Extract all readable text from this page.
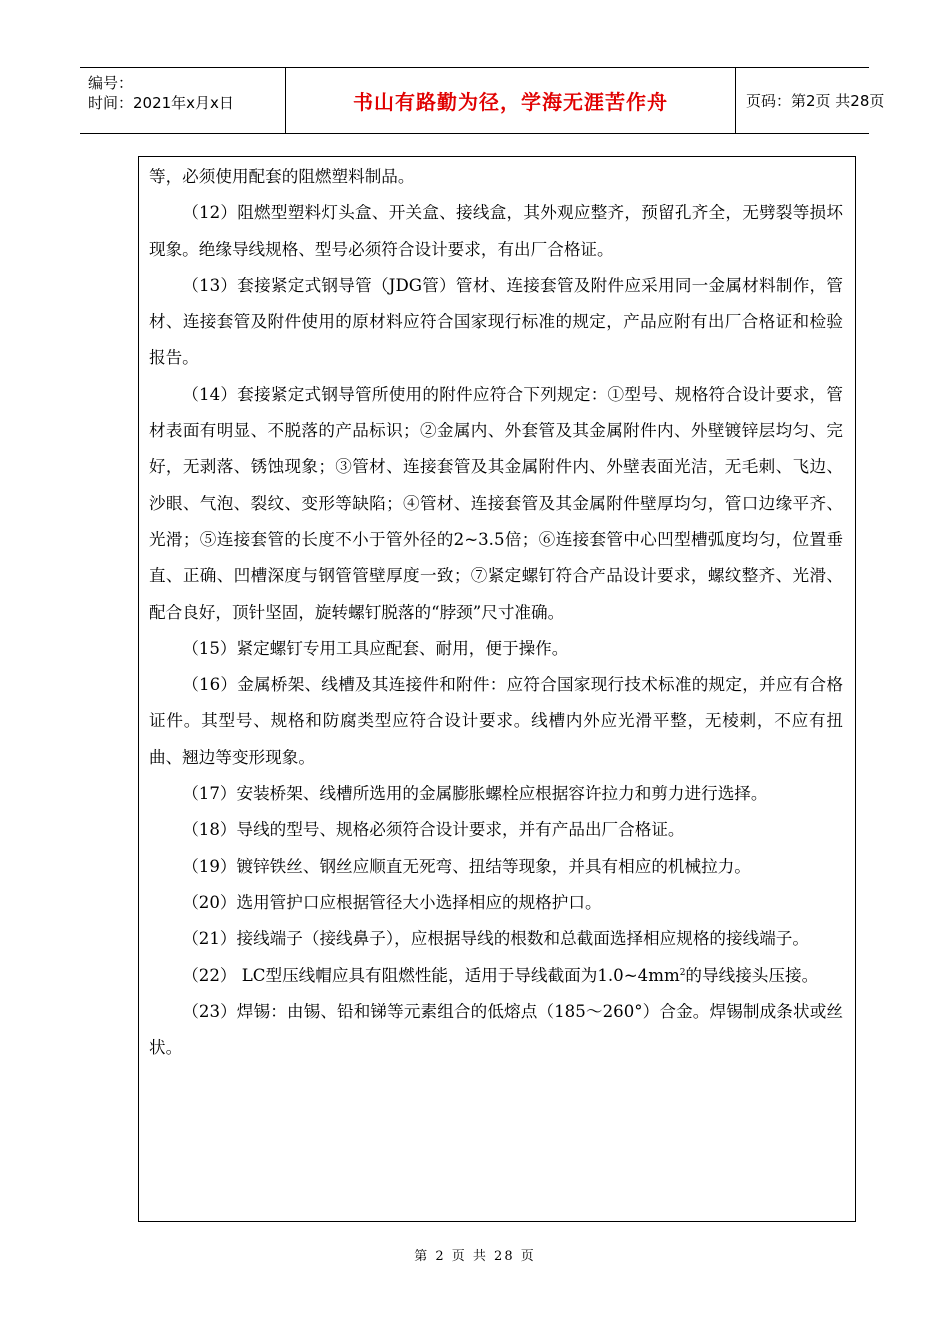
编号：
时间：2021年x月x日	书山有路勤为径，学海无涯苦作舟	页码：第2页 共28页

等，必须使用配套的阻燃塑料制品。

（12）阻燃型塑料灯头盒、开关盒、接线盒，其外观应整齐，预留孔齐全，无劈裂等损坏现象。绝缘导线规格、型号必须符合设计要求，有出厂合格证。

（13）套接紧定式钢导管（JDG管）管材、连接套管及附件应采用同一金属材料制作，管材、连接套管及附件使用的原材料应符合国家现行标准的规定，产品应附有出厂合格证和检验报告。

（14）套接紧定式钢导管所使用的附件应符合下列规定：①型号、规格符合设计要求，管材表面有明显、不脱落的产品标识；②金属内、外套管及其金属附件内、外壁镀锌层均匀、完好，无剥落、锈蚀现象；③管材、连接套管及其金属附件内、外壁表面光洁，无毛刺、飞边、沙眼、气泡、裂纹、变形等缺陷；④管材、连接套管及其金属附件壁厚均匀，管口边缘平齐、光滑；⑤连接套管的长度不小于管外径的2~3.5倍；⑥连接套管中心凹型槽弧度均匀，位置垂直、正确、凹槽深度与钢管管壁厚度一致；⑦紧定螺钉符合产品设计要求，螺纹整齐、光滑、配合良好，顶针坚固，旋转螺钉脱落的“脖颈”尺寸准确。

（15）紧定螺钉专用工具应配套、耐用，便于操作。

（16）金属桥架、线槽及其连接件和附件：应符合国家现行技术标准的规定，并应有合格证件。其型号、规格和防腐类型应符合设计要求。线槽内外应光滑平整，无棱刺，不应有扭曲、翘边等变形现象。

（17）安装桥架、线槽所选用的金属膨胀螺栓应根据容许拉力和剪力进行选择。

（18）导线的型号、规格必须符合设计要求，并有产品出厂合格证。

（19）镀锌铁丝、钢丝应顺直无死弯、扭结等现象，并具有相应的机械拉力。

（20）选用管护口应根据管径大小选择相应的规格护口。

（21）接线端子（接线鼻子），应根据导线的根数和总截面选择相应规格的接线端子。

（22） LC型压线帽应具有阻燃性能，适用于导线截面为$1.0\sim 4mm^2$的导线接头压接。

（23）焊锡：由锡、铅和锑等元素组合的低熔点（185～260°）合金。焊锡制成条状或丝状。

第 2 页 共 28 页
